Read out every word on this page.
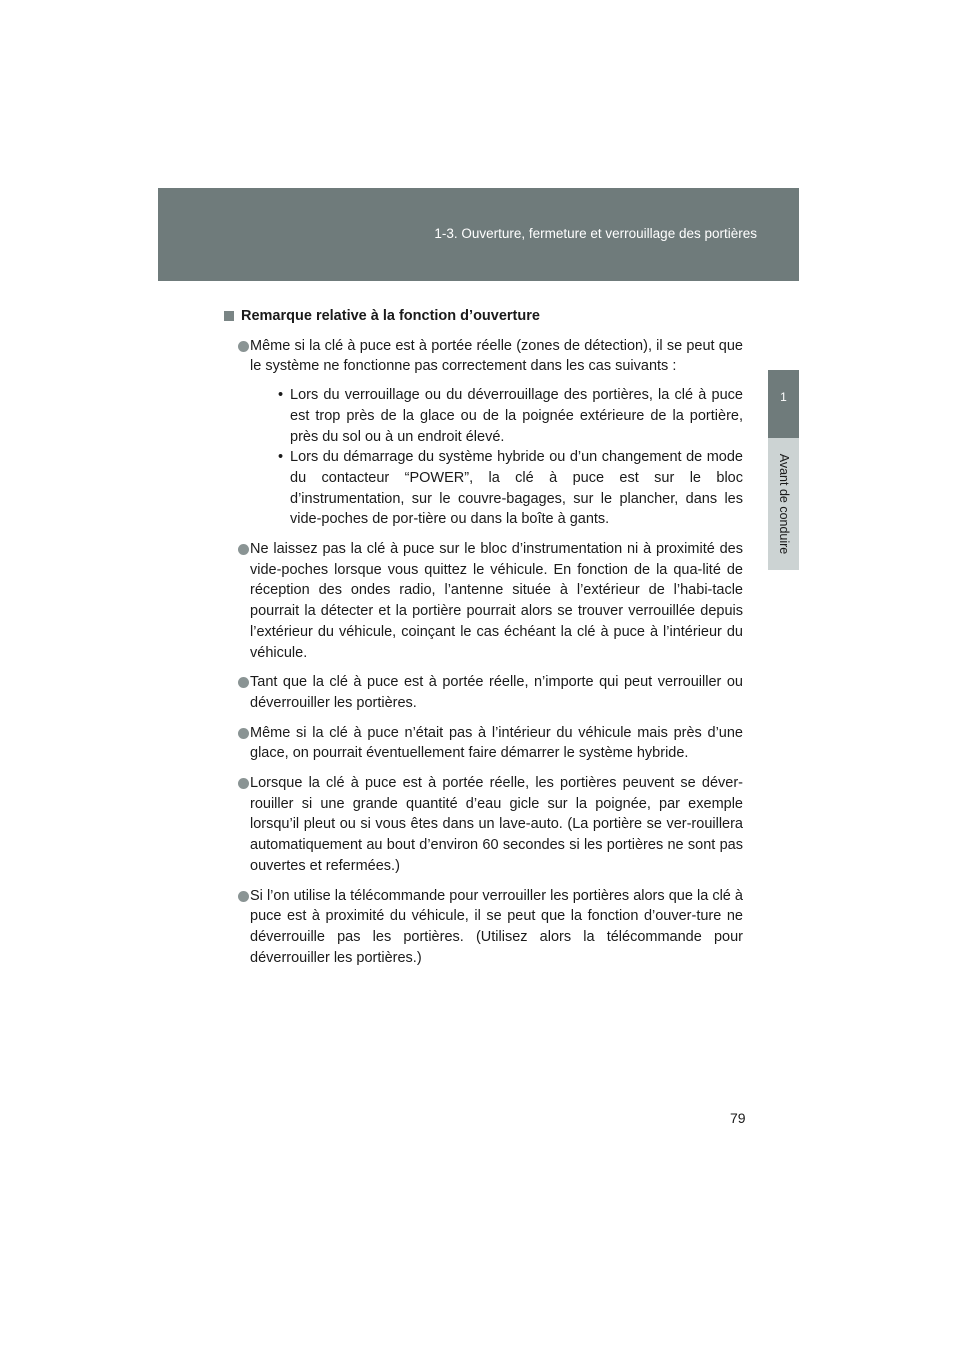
1-3. Ouverture, fermeture et verrouillage des portières
1
Avant de conduire
Remarque relative à la fonction d’ouverture
Même si la clé à puce est à portée réelle (zones de détection), il se peut que le système ne fonctionne pas correctement dans les cas suivants :
• Lors du verrouillage ou du déverrouillage des portières, la clé à puce est trop près de la glace ou de la poignée extérieure de la portière, près du sol ou à un endroit élevé.
• Lors du démarrage du système hybride ou d’un changement de mode du contacteur “POWER”, la clé à puce est sur le bloc d’instrumentation, sur le couvre-bagages, sur le plancher, dans les vide-poches de por-tière ou dans la boîte à gants.
Ne laissez pas la clé à puce sur le bloc d’instrumentation ni à proximité des vide-poches lorsque vous quittez le véhicule. En fonction de la qua-lité de réception des ondes radio, l’antenne située à l’extérieur de l’habi-tacle pourrait la détecter et la portière pourrait alors se trouver verrouillée depuis l’extérieur du véhicule, coinçant le cas échéant la clé à puce à l’intérieur du véhicule.
Tant que la clé à puce est à portée réelle, n’importe qui peut verrouiller ou déverrouiller les portières.
Même si la clé à puce n’était pas à l’intérieur du véhicule mais près d’une glace, on pourrait éventuellement faire démarrer le système hybride.
Lorsque la clé à puce est à portée réelle, les portières peuvent se déver-rouiller si une grande quantité d’eau gicle sur la poignée, par exemple lorsqu’il pleut ou si vous êtes dans un lave-auto. (La portière se ver-rouillera automatiquement au bout d’environ 60 secondes si les portières ne sont pas ouvertes et refermées.)
Si l’on utilise la télécommande pour verrouiller les portières alors que la clé à puce est à proximité du véhicule, il se peut que la fonction d’ouver-ture ne déverrouille pas les portières. (Utilisez alors la télécommande pour déverrouiller les portières.)
79
